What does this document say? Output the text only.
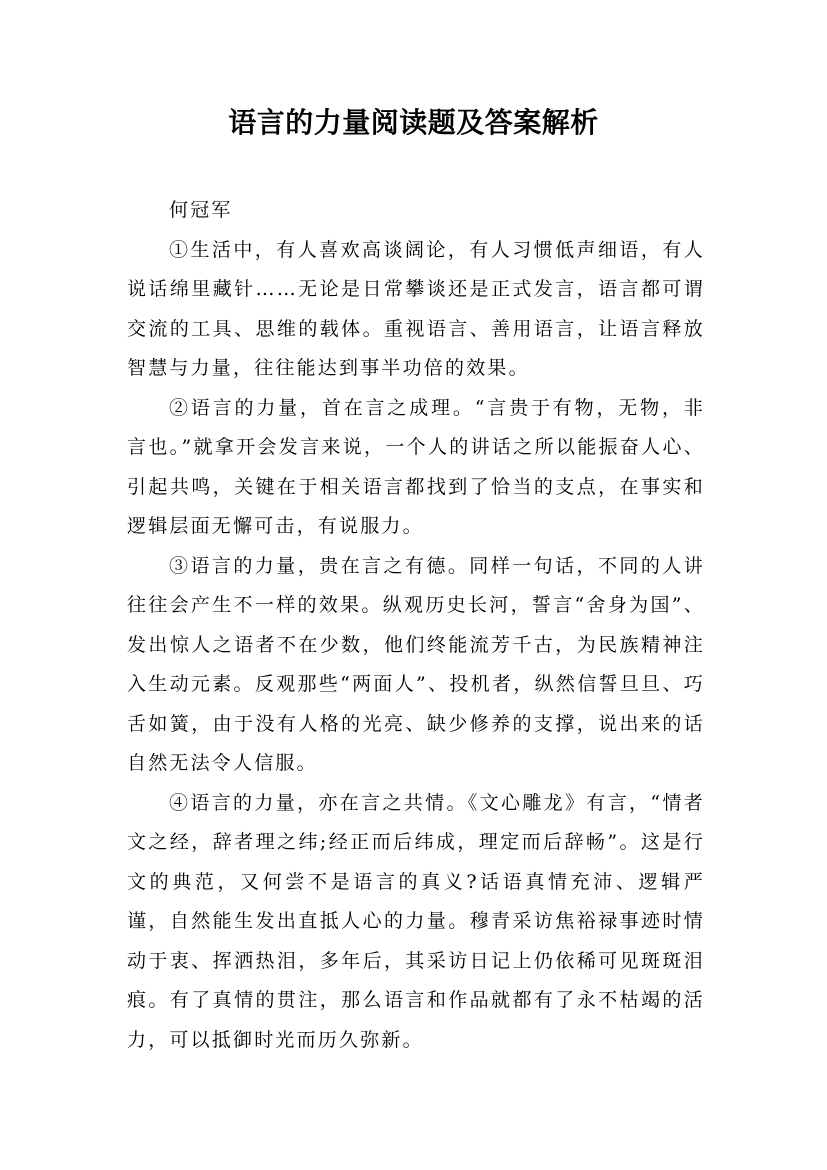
语言的力量阅读题及答案解析

何冠军

①生活中，有人喜欢高谈阔论，有人习惯低声细语，有人说话绵里藏针……无论是日常攀谈还是正式发言，语言都可谓交流的工具、思维的载体。重视语言、善用语言，让语言释放智慧与力量，往往能达到事半功倍的效果。

②语言的力量，首在言之成理。“言贵于有物，无物，非言也。”就拿开会发言来说，一个人的讲话之所以能振奋人心、引起共鸣，关键在于相关语言都找到了恰当的支点，在事实和逻辑层面无懈可击，有说服力。

③语言的力量，贵在言之有德。同样一句话，不同的人讲往往会产生不一样的效果。纵观历史长河，誓言“舍身为国”、发出惊人之语者不在少数，他们终能流芳千古，为民族精神注入生动元素。反观那些“两面人”、投机者，纵然信誓旦旦、巧舌如簧，由于没有人格的光亮、缺少修养的支撑，说出来的话自然无法令人信服。

④语言的力量，亦在言之共情。《文心雕龙》有言，“情者文之经，辞者理之纬;经正而后纬成，理定而后辞畅”。这是行文的典范，又何尝不是语言的真义?话语真情充沛、逻辑严谨，自然能生发出直抵人心的力量。穆青采访焦裕禄事迹时情动于衷、挥洒热泪，多年后，其采访日记上仍依稀可见斑斑泪痕。有了真情的贯注，那么语言和作品就都有了永不枯竭的活力，可以抵御时光而历久弥新。
